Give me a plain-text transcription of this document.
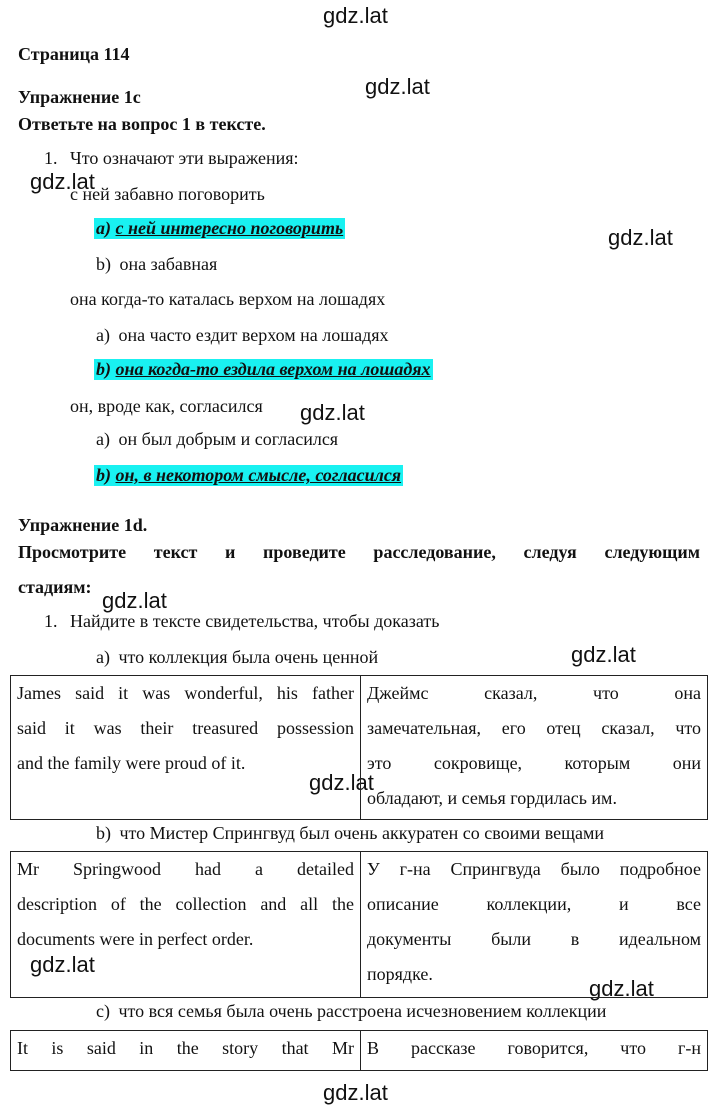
gdz.lat
gdz.lat
gdz.lat
gdz.lat
gdz.lat
gdz.lat
gdz.lat
gdz.lat
gdz.lat
gdz.lat
gdz.lat
Страница 114
Упражнение 1c
Ответьте на вопрос 1 в тексте.
1. Что означают эти выражения:
с ней забавно поговорить
a) с ней интересно поговорить
b) она забавная
она когда-то каталась верхом на лошадях
a) она часто ездит верхом на лошадях
b) она когда-то ездила верхом на лошадях
он, вроде как, согласился
a) он был добрым и согласился
b) он, в некотором смысле, согласился
Упражнение 1d.
Просмотрите текст и проведите расследование, следуя следующим
стадиям:
1. Найдите в тексте свидетельства, чтобы доказать
a) что коллекция была очень ценной
James said it was wonderful, his father
said it was their treasured possession
and the family were proud of it.

Джеймс сказал, что она
замечательная, его отец сказал, что
это сокровище, которым они
обладают, и семья гордилась им.
b) что Мистер Спрингвуд был очень аккуратен со своими вещами
Mr Springwood had a detailed
description of the collection and all the
documents were in perfect order.

У г-на Спрингвуда было подробное
описание коллекции, и все
документы были в идеальном
порядке.
c) что вся семья была очень расстроена исчезновением коллекции
It is said in the story that Mr	В рассказе говорится, что г-н
